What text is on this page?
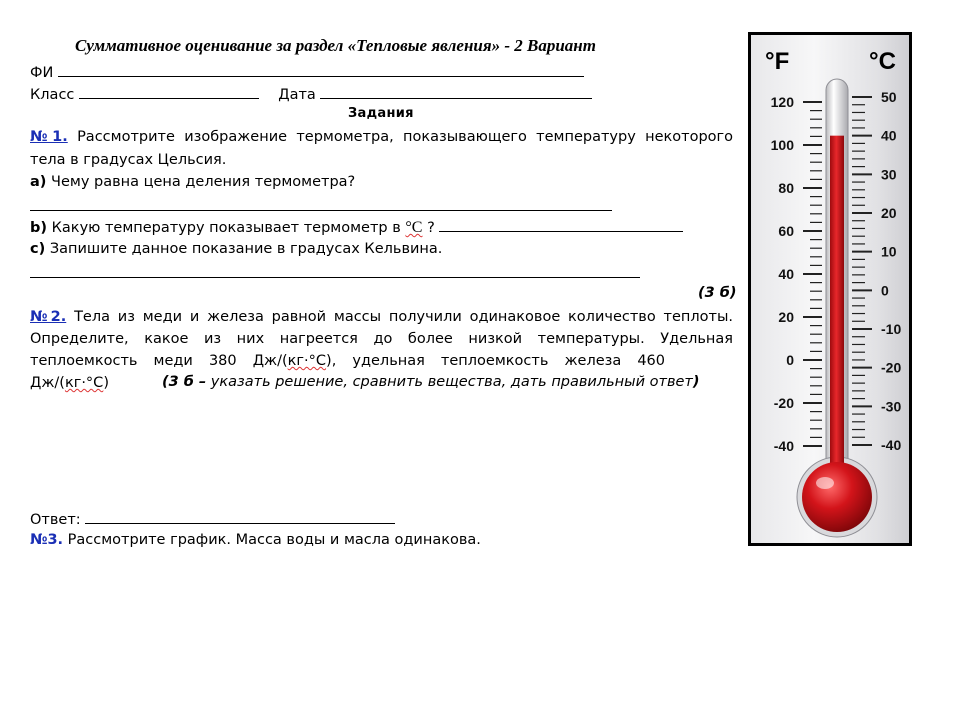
Суммативное оценивание за раздел «Тепловые явления» - 2 Вариант
ФИ
Класс	Дата
Задания
№1. Рассмотрите изображение термометра, показывающего температуру некоторого
тела в градусах Цельсия.
а) Чему равна цена деления термометра?
b) Какую температуру показывает термометр в °С ?
c) Запишите данное показание в градусах Кельвина.
(3 б)
№2. Тела из меди и железа равной массы получили одинаковое количество теплоты.
Определите, какое из них нагреется до более низкой температуры. Удельная
теплоемкость меди 380 Дж/(кг·°С), удельная теплоемкость железа 460 Дж/(кг·°С)	(3 б – указать решение, сравнить вещества, дать правильный ответ)
Ответ:
№3. Рассмотрите график. Масса воды и масла одинакова.
°F	°C
120
100
80
60
40
20
0
-20
-40
50
40
30
20
10
0
-10
-20
-30
-40
